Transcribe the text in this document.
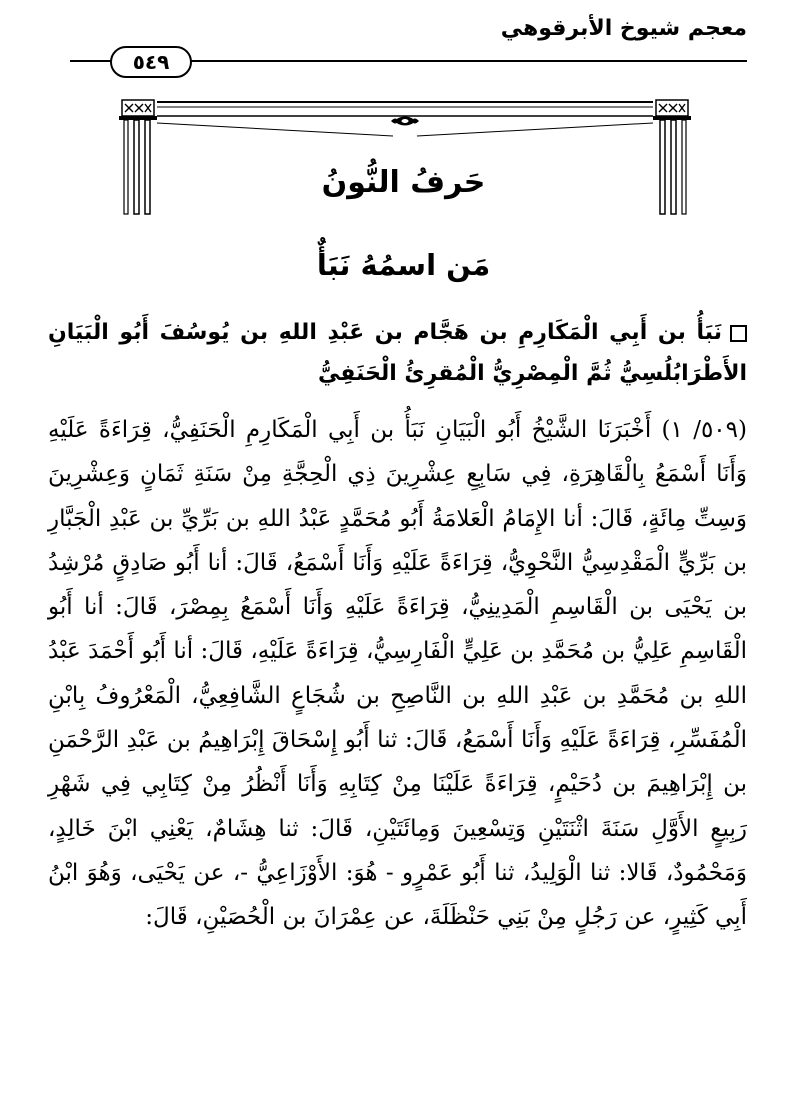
معجم شيوخ الأبرقوهي
٥٤٩
حَرفُ النُّونُ
مَن اسمُهُ نَبَأٌ
نَبَأُ بن أَبِي الْمَكَارِمِ بن هَجَّام بن عَبْدِ اللهِ بن يُوسُفَ أَبُو الْبَيَانِ الأَطْرَابُلُسِيُّ ثُمَّ الْمِصْرِيُّ الْمُقرِئُ الْحَنَفِيُّ
(٥٠٩/ ١) أَخْبَرَنَا الشَّيْخُ أَبُو الْبَيَانِ نَبَأُ بن أَبِي الْمَكَارِمِ الْحَنَفِيُّ، قِرَاءَةً عَلَيْهِ وَأَنَا أَسْمَعُ بِالْقَاهِرَةِ، فِي سَابِعِ عِشْرِينَ ذِي الْحِجَّةِ مِنْ سَنَةِ ثَمَانٍ وَعِشْرِينَ وَسِتِّ مِائَةٍ، قَالَ: أنا الإِمَامُ الْعَلامَةُ أَبُو مُحَمَّدٍ عَبْدُ اللهِ بن بَرِّيِّ بن عَبْدِ الْجَبَّارِ بن بَرِّيٍّ الْمَقْدِسِيُّ النَّحْوِيُّ، قِرَاءَةً عَلَيْهِ وَأَنَا أَسْمَعُ، قَالَ: أنا أَبُو صَادِقٍ مُرْشِدُ بن يَحْيَى بن الْقَاسِمِ الْمَدِينِيُّ، قِرَاءَةً عَلَيْهِ وَأَنَا أَسْمَعُ بِمِصْرَ، قَالَ: أنا أَبُو الْقَاسِمِ عَلِيُّ بن مُحَمَّدِ بن عَلِيٍّ الْفَارِسِيُّ، قِرَاءَةً عَلَيْهِ، قَالَ: أنا أَبُو أَحْمَدَ عَبْدُ اللهِ بن مُحَمَّدِ بن عَبْدِ اللهِ بن النَّاصِحِ بن شُجَاعٍ الشَّافِعِيُّ، الْمَعْرُوفُ بِابْنِ الْمُفَسِّرِ، قِرَاءَةً عَلَيْهِ وَأَنَا أَسْمَعُ، قَالَ: ثنا أَبُو إِسْحَاقَ إِبْرَاهِيمُ بن عَبْدِ الرَّحْمَنِ بن إِبْرَاهِيمَ بن دُحَيْمٍ، قِرَاءَةً عَلَيْنَا مِنْ كِتَابِهِ وَأَنَا أَنْظُرُ مِنْ كِتَابِي فِي شَهْرِ رَبِيعٍ الأَوَّلِ سَنَةَ اثْنَتَيْنِ وَتِسْعِينَ وَمِائَتَيْنِ، قَالَ: ثنا هِشَامٌ، يَعْنِي ابْنَ خَالِدٍ، وَمَحْمُودٌ، قَالا: ثنا الْوَلِيدُ، ثنا أَبُو عَمْرٍو - هُوَ: الأَوْزَاعِيُّ -، عن يَحْيَى، وَهُوَ ابْنُ أَبِي كَثِيرٍ، عن رَجُلٍ مِنْ بَنِي حَنْظَلَةَ، عن عِمْرَانَ بن الْحُصَيْنِ، قَالَ:
